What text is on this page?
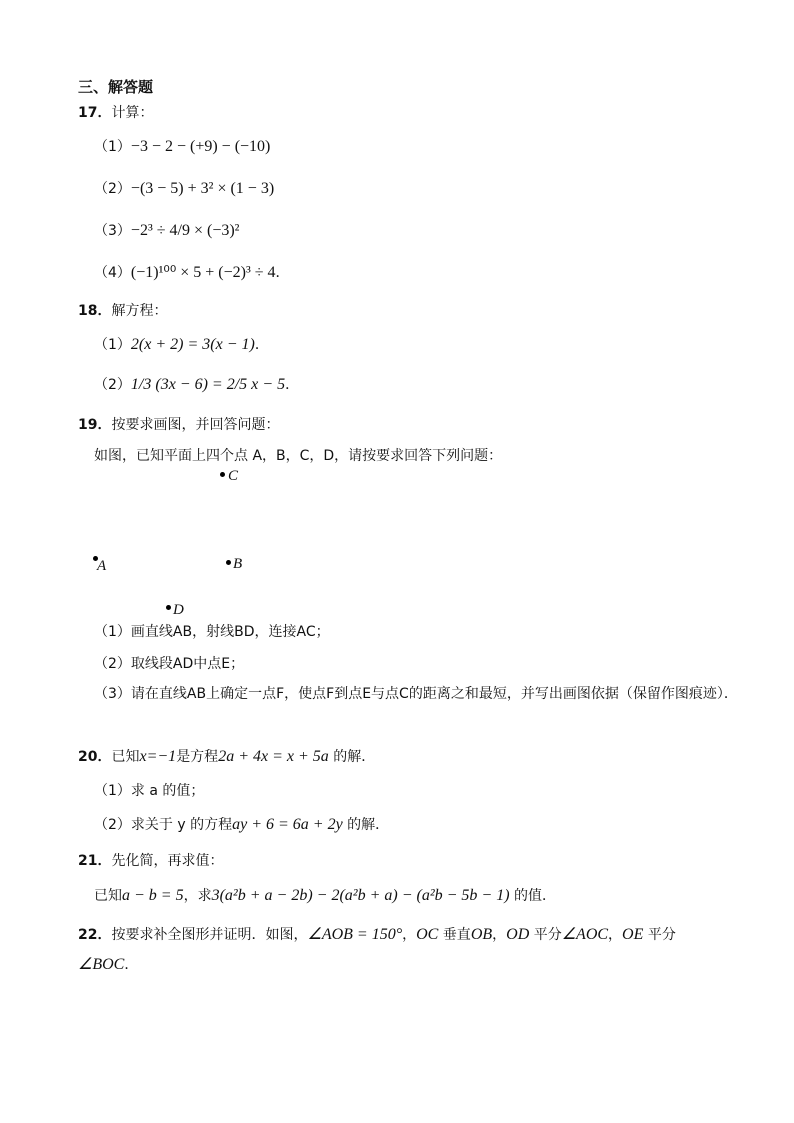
三、解答题
17．计算：
（1）−3 − 2 − (+9) − (−10)
（2）−(3 − 5) + 3² × (1 − 3)
（3）−2³ ÷ 4/9 × (−3)²
（4）(−1)¹⁰⁰ × 5 + (−2)³ ÷ 4．
18．解方程：
（1）2(x + 2) = 3(x − 1)．
（2）1/3 (3x − 6) = 2/5 x − 5．
19．按要求画图，并回答问题：
如图，已知平面上四个点 A，B，C，D，请按要求回答下列问题：
C
A	B
D
（1）画直线AB，射线BD，连接AC；
（2）取线段AD中点E；
（3）请在直线AB上确定一点F，使点F到点E与点C的距离之和最短，并写出画图依据（保留作图痕迹）．
20．已知x=−1是方程2a + 4x = x + 5a 的解．
（1）求 a 的值；
（2）求关于 y 的方程ay + 6 = 6a + 2y 的解．
21．先化简，再求值：
已知a − b = 5，求3(a²b + a − 2b) − 2(a²b + a) − (a²b − 5b − 1) 的值．
22．按要求补全图形并证明．如图，∠AOB = 150°，OC 垂直OB，OD 平分∠AOC，OE 平分
∠BOC．
